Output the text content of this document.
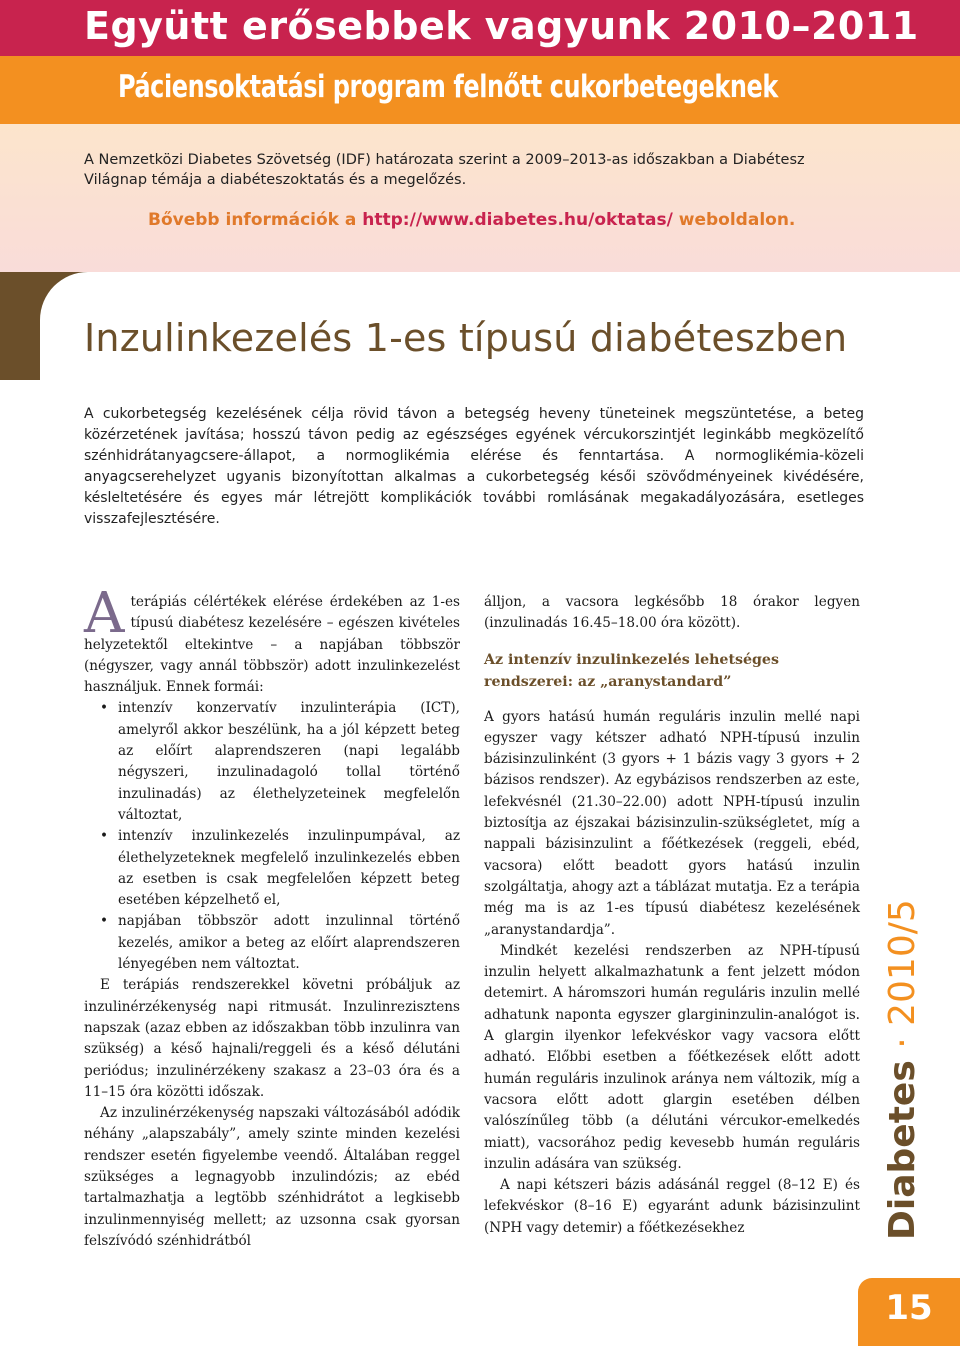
Együtt erősebbek vagyunk 2010–2011
Páciensoktatási program felnőtt cukorbetegeknek

A Nemzetközi Diabetes Szövetség (IDF) határozata szerint a 2009–2013-as időszakban a Diabétesz Világnap témája a diabéteszoktatás és a megelőzés.

Bővebb információk a http://www.diabetes.hu/oktatas/ weboldalon.

Inzulinkezelés 1-es típusú diabéteszben

A cukorbetegség kezelésének célja rövid távon a betegség heveny tüneteinek megszüntetése, a beteg közérzetének javítása; hosszú távon pedig az egészséges egyének vércukorszintjét leginkább megközelítő szénhidrátanyagcsere-állapot, a normoglikémia elérése és fenntartása. A normoglikémia-közeli anyagcserehelyzet ugyanis bizonyítottan alkalmas a cukorbetegség késői szövődményeinek kivédésére, késleltetésére és egyes már létrejött komplikációk további romlásának megakadályozására, esetleges visszafejlesztésére.

Aterápiás célértékek elérése érdekében az 1-es típusú diabétesz kezelésére – egészen kivételes helyzetektől eltekintve – a napjában többször (négyszer, vagy annál többször) adott inzulinkezelést használjuk. Ennek formái:

• intenzív konzervatív inzulinterápia (ICT), amelyről akkor beszélünk, ha a jól képzett beteg az előírt alaprendszeren (napi legalább négyszeri, inzulinadagoló tollal történő inzulinadás) az élethelyzeteinek megfelelőn változtat,
• intenzív inzulinkezelés inzulinpumpával, az élethelyzeteknek megfelelő inzulinkezelés ebben az esetben is csak megfelelően képzett beteg esetében képzelhető el,
• napjában többször adott inzulinnal történő kezelés, amikor a beteg az előírt alaprendszeren lényegében nem változtat.

E terápiás rendszerekkel követni próbáljuk az inzulinérzékenység napi ritmusát. Inzulinrezisztens napszak (azaz ebben az időszakban több inzulinra van szükség) a késő hajnali/reggeli és a késő délutáni periódus; inzulinérzékeny szakasz a 23–03 óra és a 11–15 óra közötti időszak.

Az inzulinérzékenység napszaki változásából adódik néhány „alapszabály”, amely szinte minden kezelési rendszer esetén figyelembe veendő. Általában reggel szükséges a legnagyobb inzulindózis; az ebéd tartalmazhatja a legtöbb szénhidrátot a legkisebb inzulinmennyiség mellett; az uzsonna csak gyorsan felszívódó szénhidrátból

álljon, a vacsora legkésőbb 18 órakor legyen (inzulinadás 16.45–18.00 óra között).

Az intenzív inzulinkezelés lehetséges rendszerei: az „aranystandard”

A gyors hatású humán reguláris inzulin mellé napi egyszer vagy kétszer adható NPH-típusú inzulin bázisinzulinként (3 gyors + 1 bázis vagy 3 gyors + 2 bázisos rendszer). Az egybázisos rendszerben az este, lefekvésnél (21.30–22.00) adott NPH-típusú inzulin biztosítja az éjszakai bázisinzulin-szükségletet, míg a nappali bázisinzulint a főétkezések (reggeli, ebéd, vacsora) előtt beadott gyors hatású inzulin szolgáltatja, ahogy azt a táblázat mutatja. Ez a terápia még ma is az 1-es típusú diabétesz kezelésének „aranystandardja”.

Mindkét kezelési rendszerben az NPH-típusú inzulin helyett alkalmazhatunk a fent jelzett módon detemirt. A háromszori humán reguláris inzulin mellé adhatunk naponta egyszer glargininzulin-analógot is. A glargin ilyenkor lefekvéskor vagy vacsora előtt adható. Előbbi esetben a főétkezések előtt adott humán reguláris inzulinok aránya nem változik, míg a vacsora előtt adott glargin esetében délben valószínűleg több (a délutáni vércukor-emelkedés miatt), vacsorához pedig kevesebb humán reguláris inzulin adására van szükség.

A napi kétszeri bázis adásánál reggel (8–12 E) és lefekvéskor (8–16 E) egyaránt adunk bázisinzulint (NPH vagy detemir) a főétkezésekhez	Diabetes · 2010/5
15
